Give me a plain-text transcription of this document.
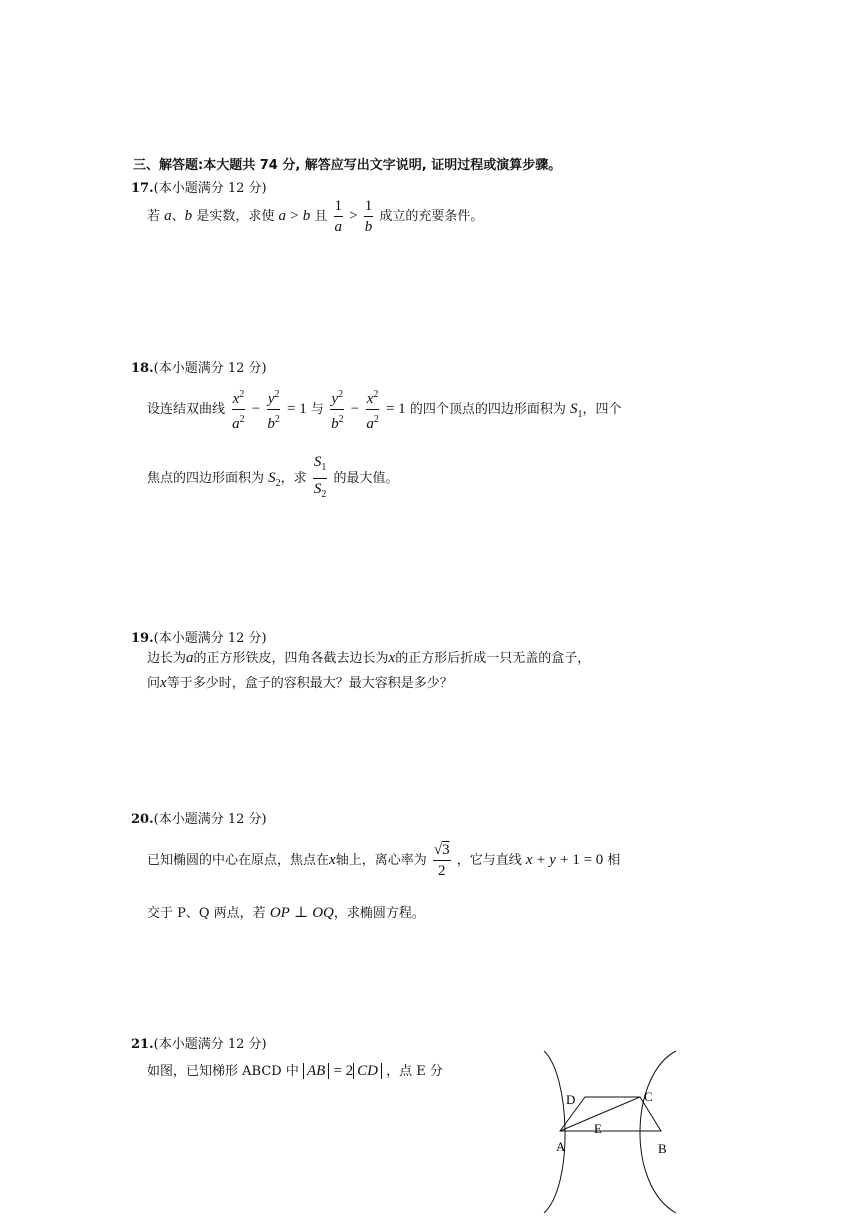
三、解答题:本大题共 74 分, 解答应写出文字说明, 证明过程或演算步骤。
17.(本小题满分 12 分)
若 a、b 是实数，求使 a > b 且 $\frac{1}{a} > \frac{1}{b}$ 成立的充要条件。
18.(本小题满分 12 分)
设连结双曲线 $\frac{x^2}{a^2} - \frac{y^2}{b^2} = 1$ 与 $\frac{y^2}{b^2} - \frac{x^2}{a^2} = 1$ 的四个顶点的四边形面积为 $S_1$，四个
焦点的四边形面积为 $S_2$，求 $\frac{S_1}{S_2}$ 的最大值。
19.(本小题满分 12 分)
边长为a的正方形铁皮，四角各截去边长为x的正方形后折成一只无盖的盒子，
问x等于多少时，盒子的容积最大？最大容积是多少？
20.(本小题满分 12 分)
已知椭圆的中心在原点，焦点在x轴上，离心率为 $\frac{√3}{2}$ ，它与直线 x + y + 1 = 0 相
交于 P、Q 两点，若 OP ⊥ OQ，求椭圆方程。
21.(本小题满分 12 分)
如图，已知梯形 ABCD 中 AB = 2 CD ，点 E 分
D	C
E
A	B
